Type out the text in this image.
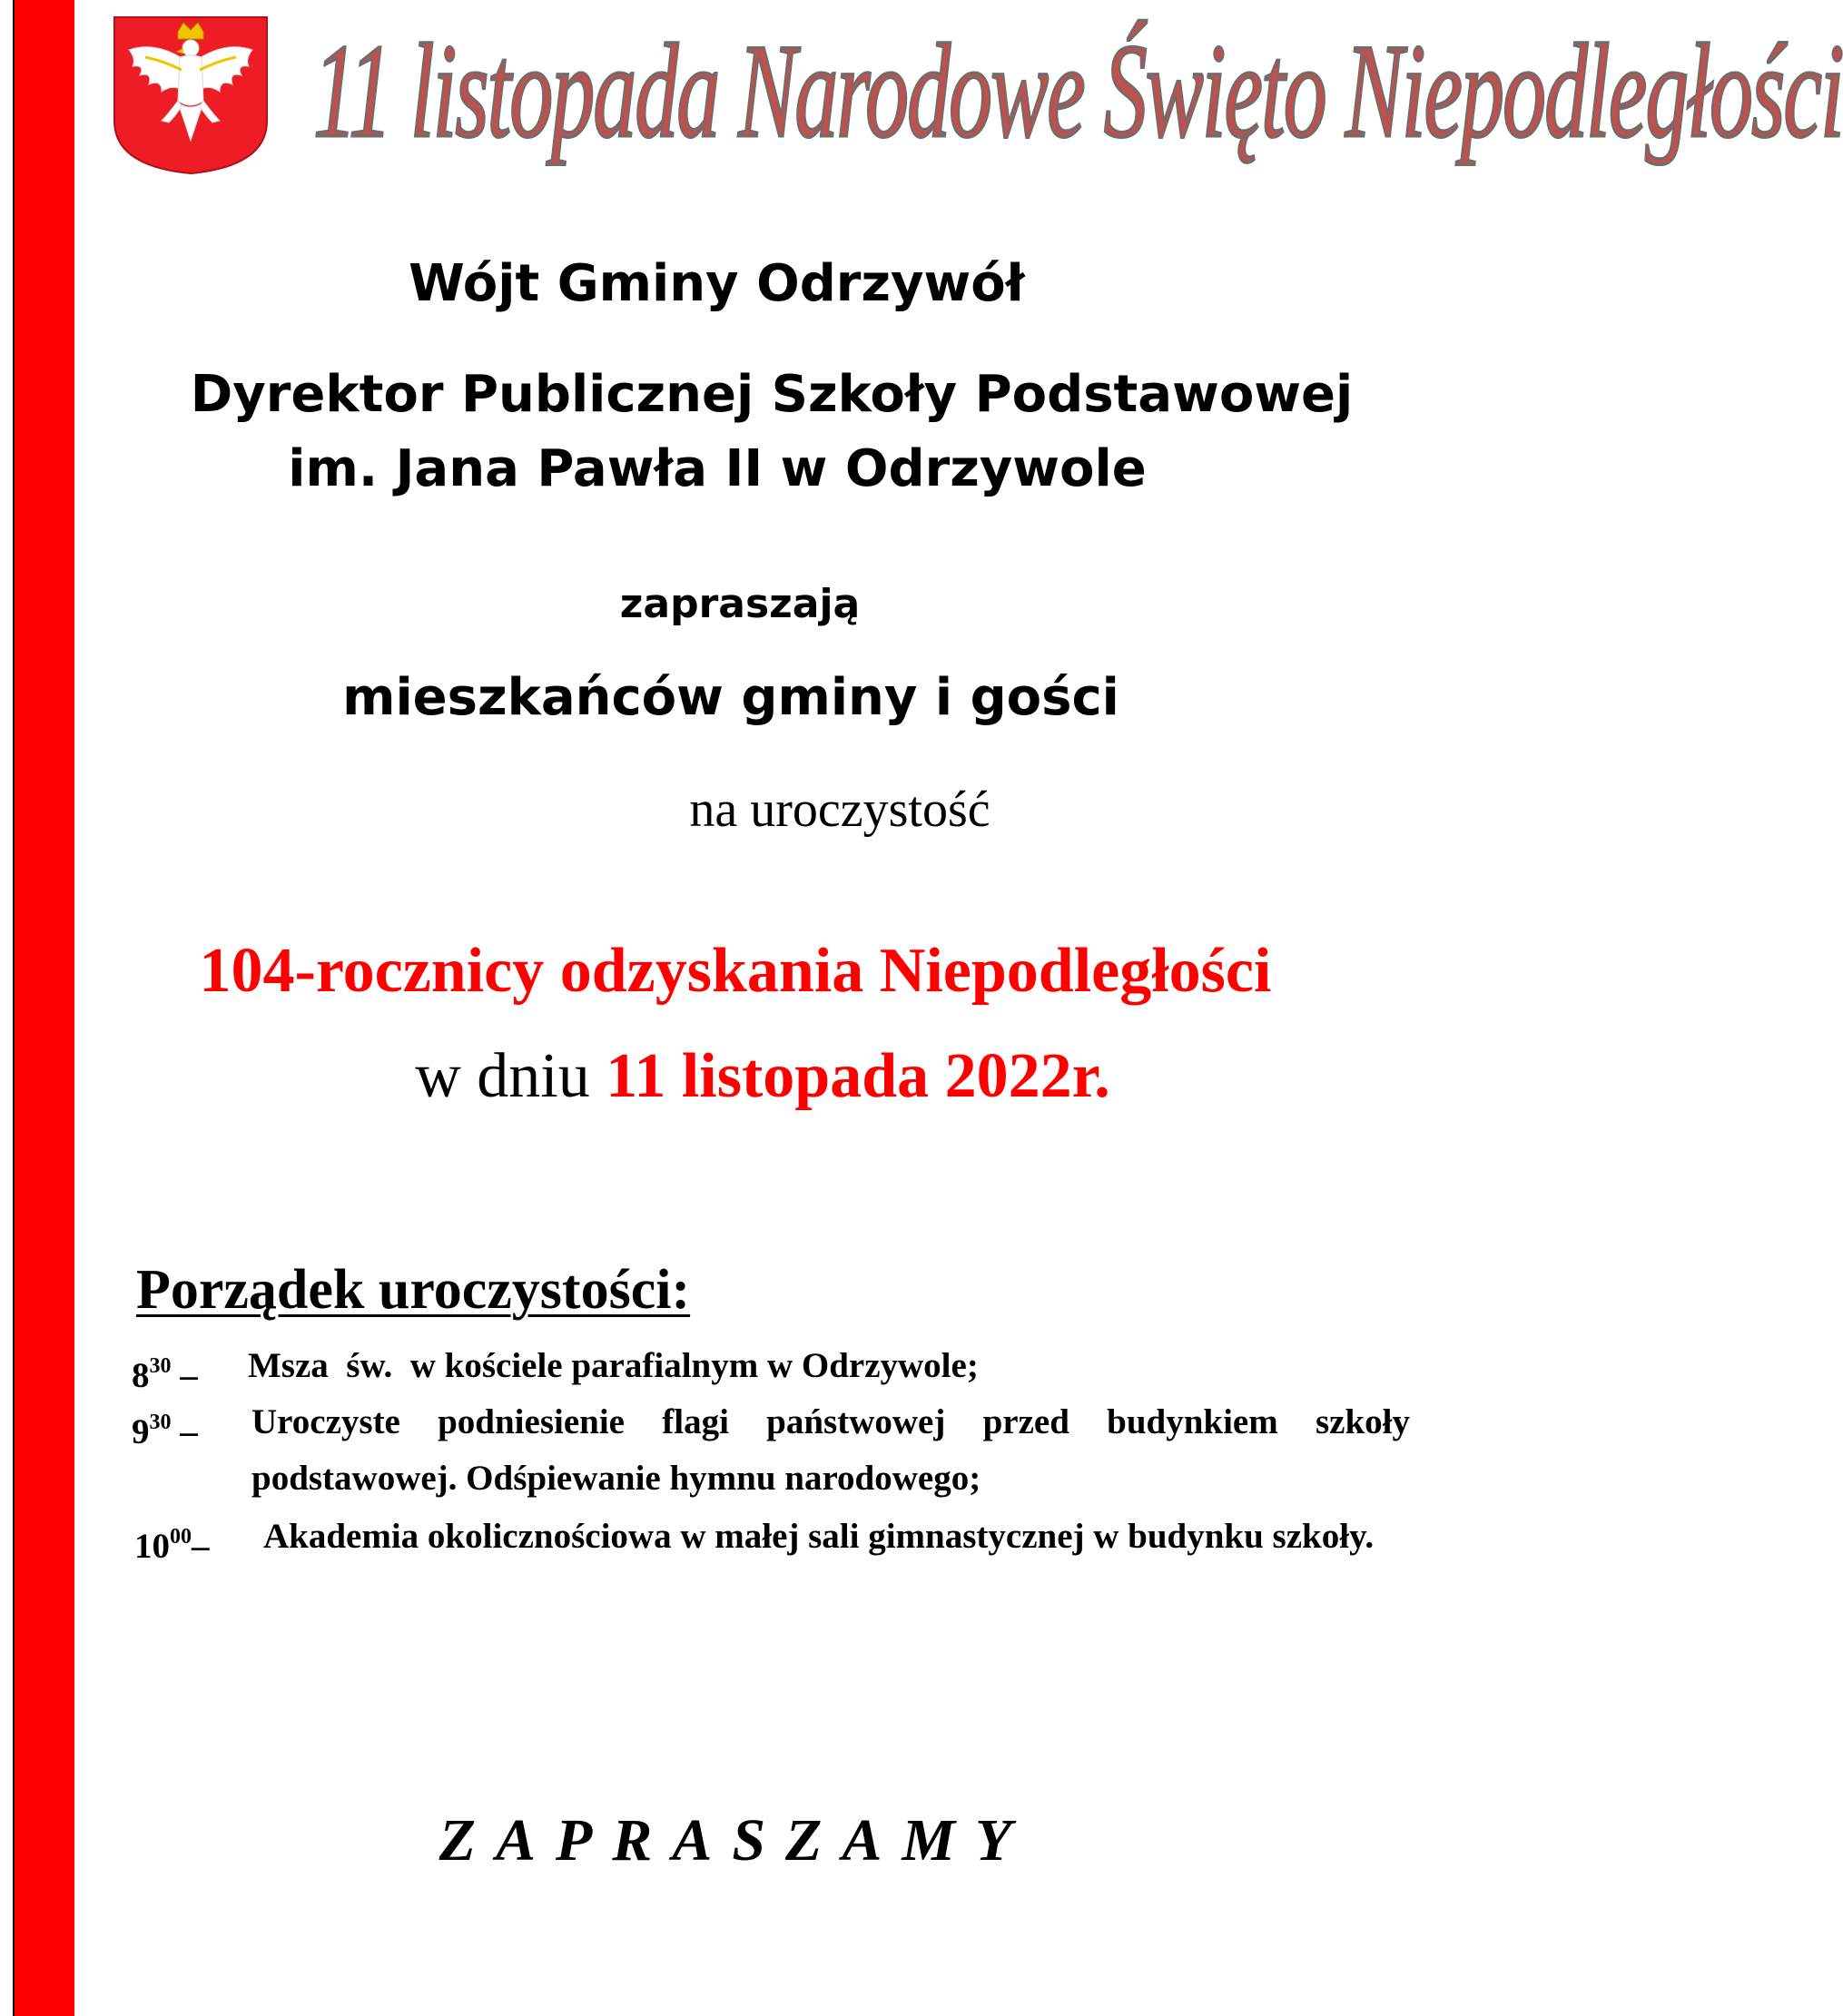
11 listopada Narodowe Święto Niepodległości
Wójt Gminy Odrzywół
Dyrektor Publicznej Szkoły Podstawowej
im. Jana Pawła II w Odrzywole
zapraszają
mieszkańców gminy i gości
na uroczystość
104-rocznicy odzyskania Niepodległości
w dniu 11 listopada 2022r.
Porządek uroczystości:
$8^{30}$ – Msza  św.  w kościele parafialnym w Odrzywole;
$9^{30}$ – Uroczyste podniesienie flagi państwowej przed budynkiem szkoły podstawowej. Odśpiewanie hymnu narodowego;
$10^{00}-$ Akademia okolicznościowa w małej sali gimnastycznej w budynku szkoły.
ZAPRASZAMY
